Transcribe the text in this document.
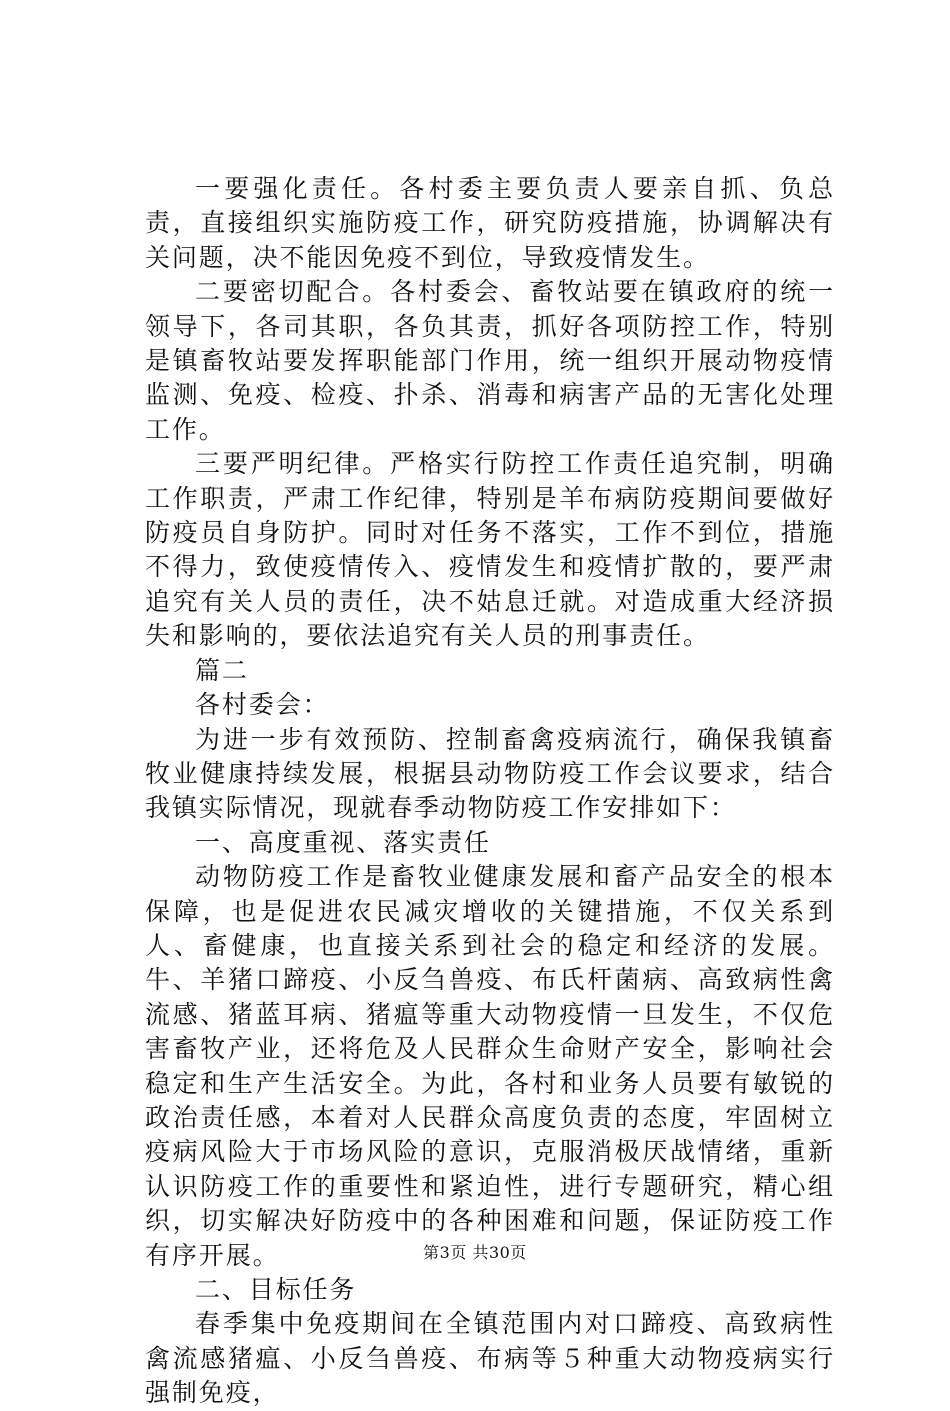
一要强化责任。各村委主要负责人要亲自抓、负总责，直接组织实施防疫工作，研究防疫措施，协调解决有关问题，决不能因免疫不到位，导致疫情发生。

二要密切配合。各村委会、畜牧站要在镇政府的统一领导下，各司其职，各负其责，抓好各项防控工作，特别是镇畜牧站要发挥职能部门作用，统一组织开展动物疫情监测、免疫、检疫、扑杀、消毒和病害产品的无害化处理工作。

三要严明纪律。严格实行防控工作责任追究制，明确工作职责，严肃工作纪律，特别是羊布病防疫期间要做好防疫员自身防护。同时对任务不落实，工作不到位，措施不得力，致使疫情传入、疫情发生和疫情扩散的，要严肃追究有关人员的责任，决不姑息迁就。对造成重大经济损失和影响的，要依法追究有关人员的刑事责任。

篇二

各村委会：

为进一步有效预防、控制畜禽疫病流行，确保我镇畜牧业健康持续发展，根据县动物防疫工作会议要求，结合我镇实际情况，现就春季动物防疫工作安排如下：

一、高度重视、落实责任

动物防疫工作是畜牧业健康发展和畜产品安全的根本保障，也是促进农民减灾增收的关键措施，不仅关系到人、畜健康，也直接关系到社会的稳定和经济的发展。牛、羊猪口蹄疫、小反刍兽疫、布氏杆菌病、高致病性禽流感、猪蓝耳病、猪瘟等重大动物疫情一旦发生，不仅危害畜牧产业，还将危及人民群众生命财产安全，影响社会稳定和生产生活安全。为此，各村和业务人员要有敏锐的政治责任感，本着对人民群众高度负责的态度，牢固树立疫病风险大于市场风险的意识，克服消极厌战情绪，重新认识防疫工作的重要性和紧迫性，进行专题研究，精心组织，切实解决好防疫中的各种困难和问题，保证防疫工作有序开展。

二、目标任务

春季集中免疫期间在全镇范围内对口蹄疫、高致病性禽流感猪瘟、小反刍兽疫、布病等５种重大动物疫病实行强制免疫，

第3页 共30页
